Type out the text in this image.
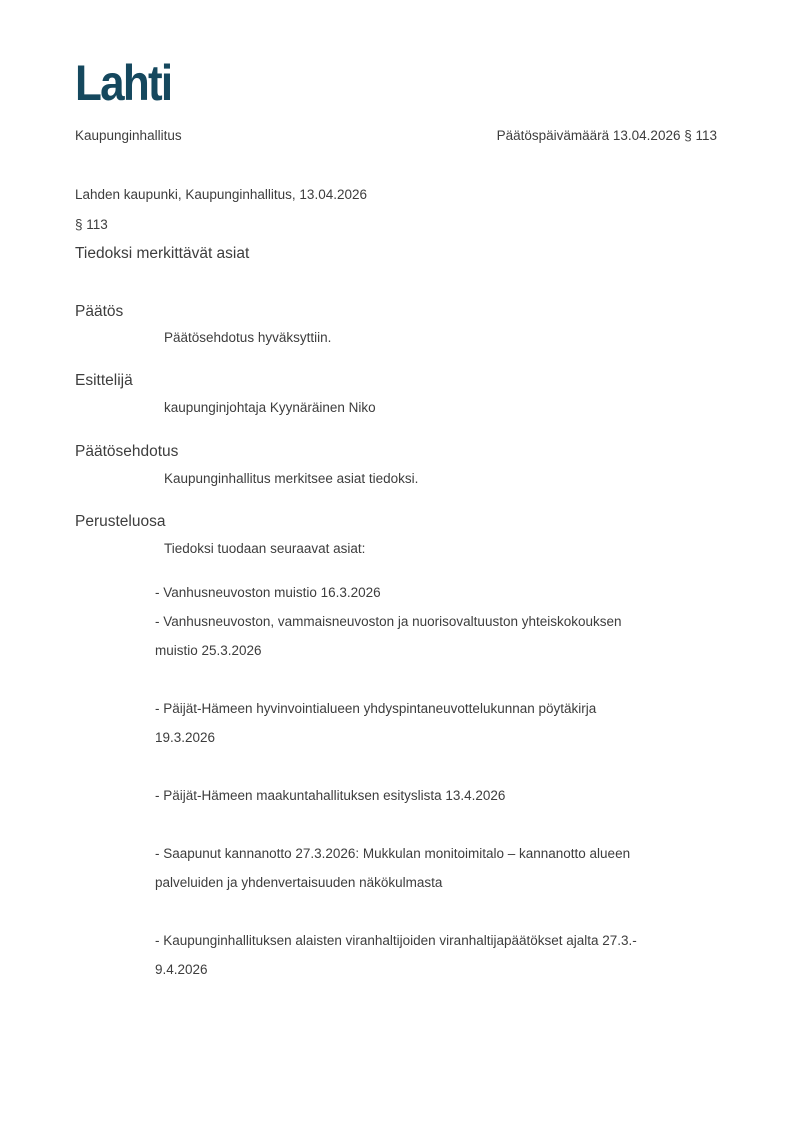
Lahti
Kaupunginhallitus	Päätöspäivämäärä 13.04.2026 § 113
Lahden kaupunki, Kaupunginhallitus, 13.04.2026
§ 113
Tiedoksi merkittävät asiat
Päätös
Päätösehdotus hyväksyttiin.
Esittelijä
kaupunginjohtaja Kyynäräinen Niko
Päätösehdotus
Kaupunginhallitus merkitsee asiat tiedoksi.
Perusteluosa
Tiedoksi tuodaan seuraavat asiat:
- Vanhusneuvoston muistio 16.3.2026
- Vanhusneuvoston, vammaisneuvoston ja nuorisovaltuuston yhteiskokouksen
muistio 25.3.2026
- Päijät-Hämeen hyvinvointialueen yhdyspintaneuvottelukunnan pöytäkirja
19.3.2026
- Päijät-Hämeen maakuntahallituksen esityslista 13.4.2026
- Saapunut kannanotto 27.3.2026: Mukkulan monitoimitalo – kannanotto alueen
palveluiden ja yhdenvertaisuuden näkökulmasta
- Kaupunginhallituksen alaisten viranhaltijoiden viranhaltijapäätökset ajalta 27.3.-
9.4.2026
